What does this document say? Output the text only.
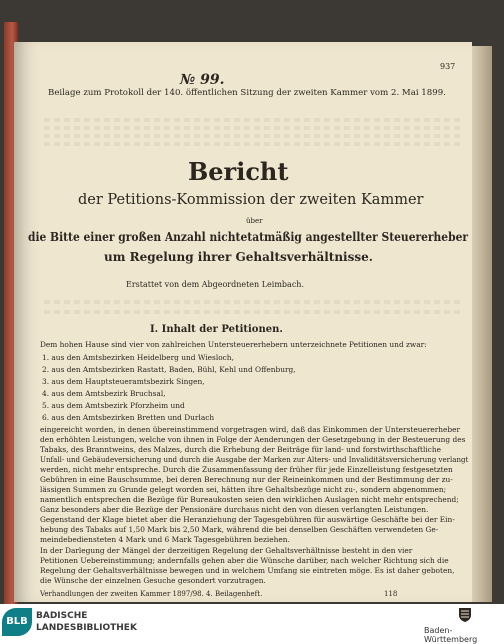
937
№ 99.
Beilage zum Protokoll der 140. öffentlichen Sitzung der zweiten Kammer vom 2. Mai 1899.
Bericht
der Petitions-Kommission der zweiten Kammer
über
die Bitte einer großen Anzahl nichtetatmäßig angestellter Steuererheber
um Regelung ihrer Gehaltsverhältnisse.
Erstattet von dem Abgeordneten Leimbach.
I. Inhalt der Petitionen.
Dem hohen Hause sind vier von zahlreichen Untersteuererhebern unterzeichnete Petitionen und zwar:
1. aus den Amtsbezirken Heidelberg und Wiesloch,
2. aus den Amtsbezirken Rastatt, Baden, Bühl, Kehl und Offenburg,
3. aus dem Hauptsteueramtsbezirk Singen,
4. aus dem Amtsbezirk Bruchsal,
5. aus dem Amtsbezirk Pforzheim und
6. aus den Amtsbezirken Bretten und Durlach
eingereicht worden, in denen übereinstimmend vorgetragen wird, daß das Einkommen der Untersteuererheber
den erhöhten Leistungen, welche von ihnen in Folge der Aenderungen der Gesetzgebung in der Besteuerung des
Tabaks, des Branntweins, des Malzes, durch die Erhebung der Beiträge für land- und forstwirthschaftliche
Unfall- und Gebäudeversicherung und durch die Ausgabe der Marken zur Alters- und Invaliditätsversicherung verlangt
werden, nicht mehr entspreche. Durch die Zusammenfassung der früher für jede Einzelleistung festgesetzten
Gebühren in eine Bauschsumme, bei deren Berechnung nur der Reineinkommen und der Bestimmung der zu-
lässigen Summen zu Grunde gelegt worden sei, hätten ihre Gehaltsbezüge nicht zu-, sondern abgenommen;
namentlich entsprechen die Bezüge für Bureaukosten seien den wirklichen Auslagen nicht mehr entsprechend;
Ganz besonders aber die Bezüge der Pensionäre durchaus nicht den von diesen verlangten Leistungen.
Gegenstand der Klage bietet aber die Heranziehung der Tagesgebühren für auswärtige Geschäfte bei der Ein-
hebung des Tabaks auf 1,50 Mark bis 2,50 Mark, während die bei denselben Geschäften verwendeten Ge-
meindebediensteten 4 Mark und 6 Mark Tagesgebühren beziehen.
In der Darlegung der Mängel der derzeitigen Regelung der Gehaltsverhältnisse besteht in den vier
Petitionen Uebereinstimmung; andernfalls gehen aber die Wünsche darüber, nach welcher Richtung sich die
Regelung der Gehaltsverhältnisse bewegen und in welchem Umfang sie eintreten möge. Es ist daher geboten,
die Wünsche der einzelnen Gesuche gesondert vorzutragen.
Verhandlungen der zweiten Kammer 1897/98. 4. Beilagenheft.	118
BLB BADISCHE
LANDESBIBLIOTHEK	Baden-Württemberg
